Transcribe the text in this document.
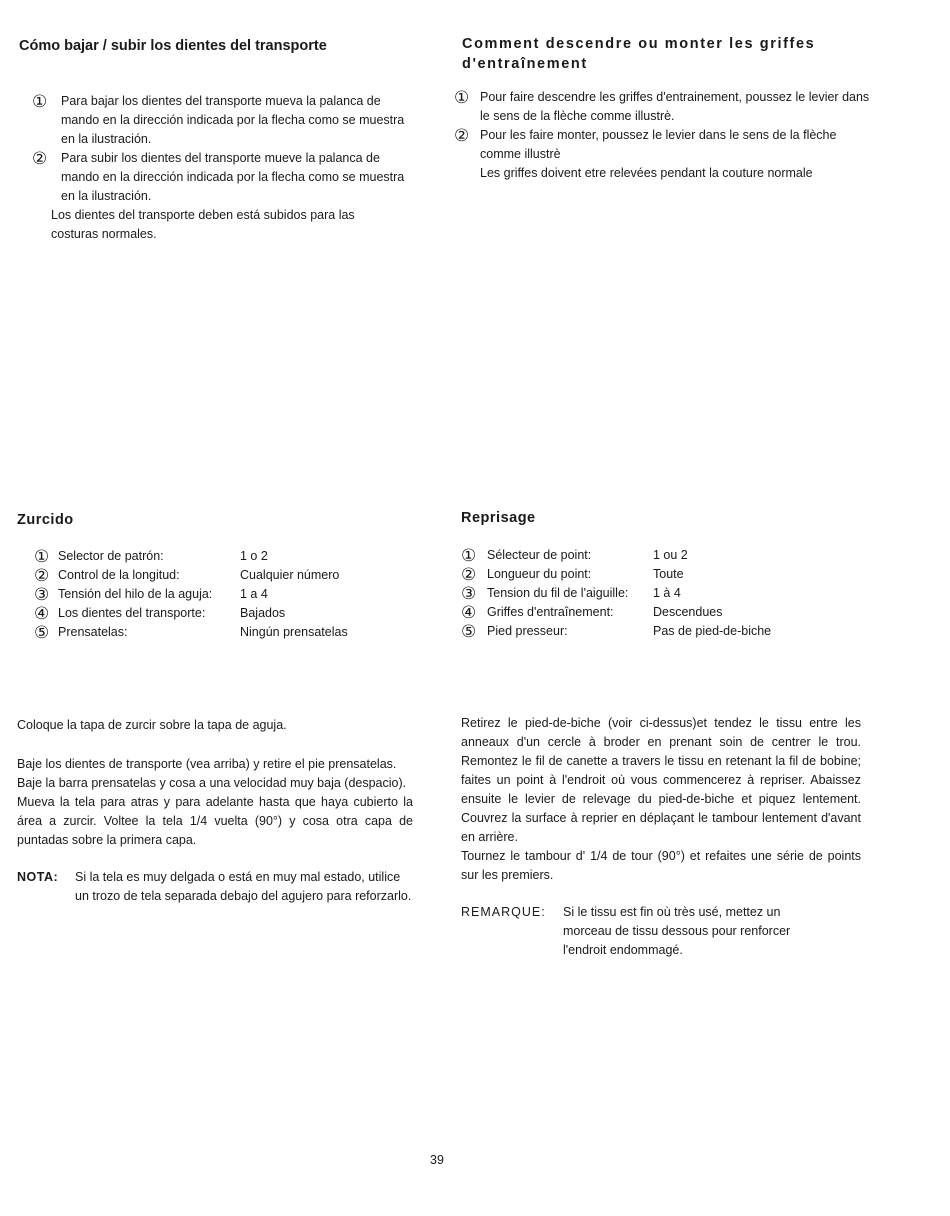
Cómo bajar / subir los dientes del transporte
① Para bajar los dientes del transporte mueva la palanca de mando en la dirección indicada por la flecha como se muestra en la ilustración.
② Para subir los dientes del transporte mueve la palanca de mando en la dirección indicada por la flecha como se muestra en la ilustración.
Los dientes del transporte deben está subidos para las costuras normales.
Comment descendre ou monter les griffes d'entraînement
① Pour faire descendre les griffes d'entrainement, poussez le levier dans le sens de la flèche comme illustrè.
② Pour les faire monter, poussez le levier dans le sens de la flèche comme illustrè
Les griffes doivent etre relevées pendant la couture normale
Zurcido
① Selector de patrón:	1 o 2
② Control de la longitud:	Cualquier número
③ Tensión del hilo de la aguja:	1 a 4
④ Los dientes del transporte:	Bajados
⑤ Prensatelas:	Ningún prensatelas

Coloque la tapa de zurcir sobre la tapa de aguja.

Baje los dientes de transporte (vea arriba) y retire el pie prensatelas.

Baje la barra prensatelas y cosa a una velocidad muy baja (despacio).

Mueva la tela para atras y para adelante hasta que haya cubierto la área a zurcir. Voltee la tela 1/4 vuelta (90°) y cosa otra capa de puntadas sobre la primera capa.

NOTA:	Si la tela es muy delgada o está en muy mal estado, utilice un trozo de tela separada debajo del agujero para reforzarlo.
Reprisage
① Sélecteur de point:	1 ou 2
② Longueur du point:	Toute
③ Tension du fil de l'aiguille:	1 à 4
④ Griffes d'entraînement:	Descendues
⑤ Pied presseur:	Pas de pied-de-biche

Retirez le pied-de-biche (voir ci-dessus)et tendez le tissu entre les anneaux d'un cercle à broder en prenant soin de centrer le trou. Remontez le fil de canette a travers le tissu en retenant la fil de bobine; faites un point à l'endroit où vous commencerez à repriser. Abaissez ensuite le levier de relevage du pied-de-biche et piquez lentement. Couvrez la surface à reprier en déplaçant le tambour lentement d'avant en arrière.

Tournez le tambour d' 1/4 de tour (90°) et refaites une série de points sur les premiers.

REMARQUE:	Si le tissu est fin où très usé, mettez un morceau de tissu dessous pour renforcer l'endroit endommagé.
39
